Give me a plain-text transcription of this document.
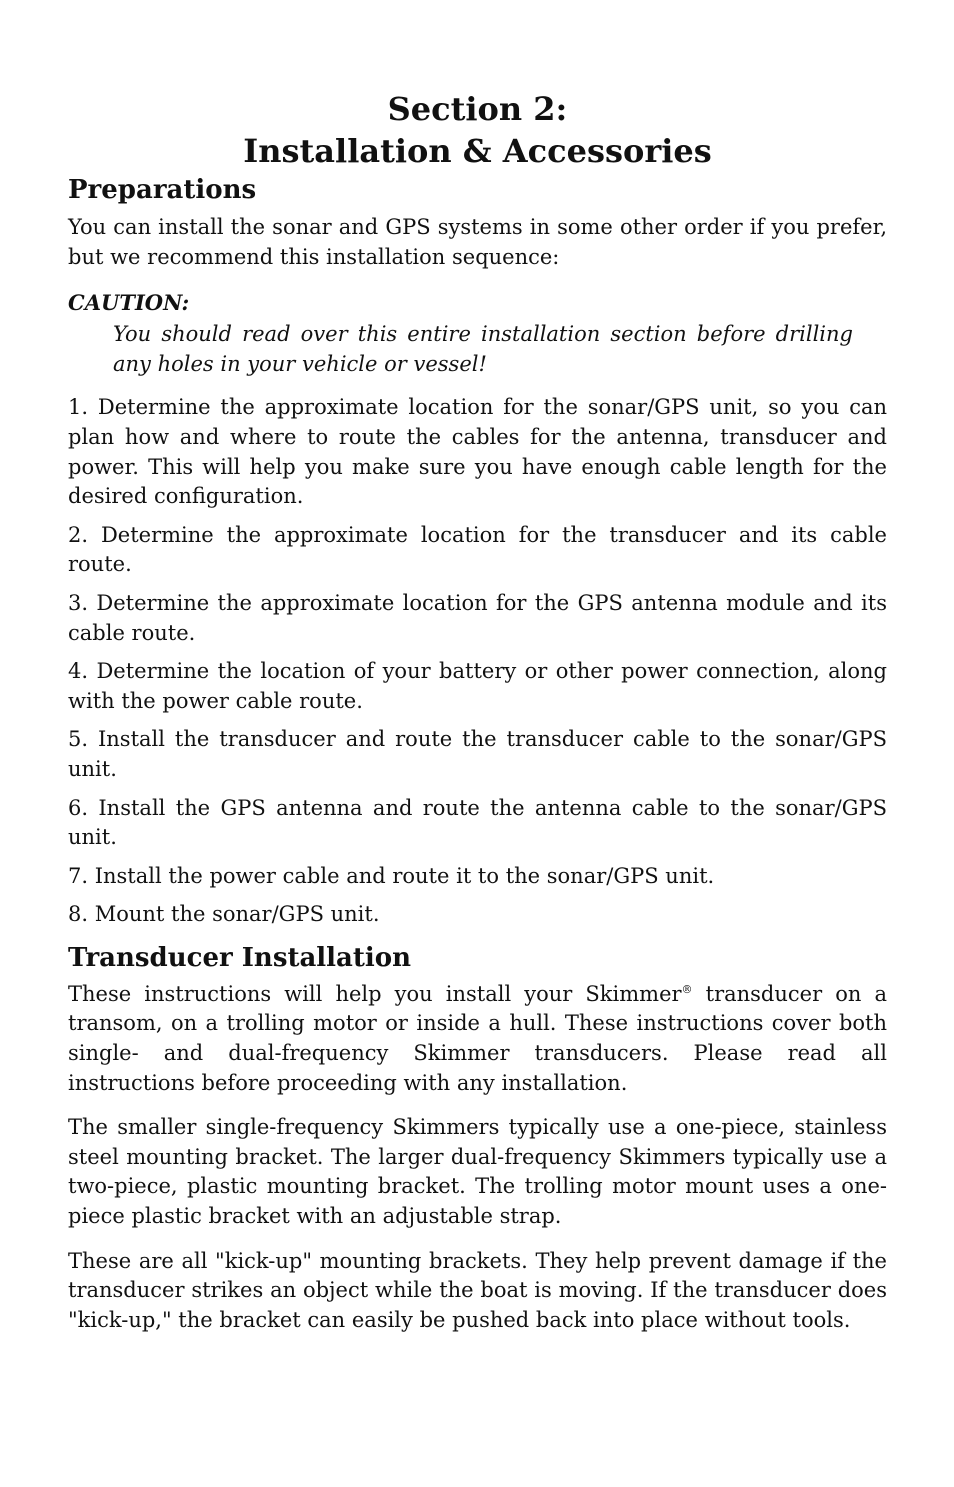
Section 2:
Installation & Accessories
Preparations

You can install the sonar and GPS systems in some other order if you prefer, but we recommend this installation sequence:

CAUTION:

You should read over this entire installation section before drilling any holes in your vehicle or vessel!

1. Determine the approximate location for the sonar/GPS unit, so you can plan how and where to route the cables for the antenna, transducer and power. This will help you make sure you have enough cable length for the desired configuration.

2. Determine the approximate location for the transducer and its cable route.

3. Determine the approximate location for the GPS antenna module and its cable route.

4. Determine the location of your battery or other power connection, along with the power cable route.

5. Install the transducer and route the transducer cable to the sonar/GPS unit.

6. Install the GPS antenna and route the antenna cable to the sonar/GPS unit.

7. Install the power cable and route it to the sonar/GPS unit.

8. Mount the sonar/GPS unit.

Transducer Installation

These instructions will help you install your Skimmer® transducer on a transom, on a trolling motor or inside a hull. These instructions cover both single- and dual-frequency Skimmer transducers. Please read all instructions before proceeding with any installation.

The smaller single-frequency Skimmers typically use a one-piece, stainless steel mounting bracket. The larger dual-frequency Skimmers typically use a two-piece, plastic mounting bracket. The trolling motor mount uses a one-piece plastic bracket with an adjustable strap.

These are all "kick-up" mounting brackets. They help prevent damage if the transducer strikes an object while the boat is moving. If the transducer does "kick-up," the bracket can easily be pushed back into place without tools.
